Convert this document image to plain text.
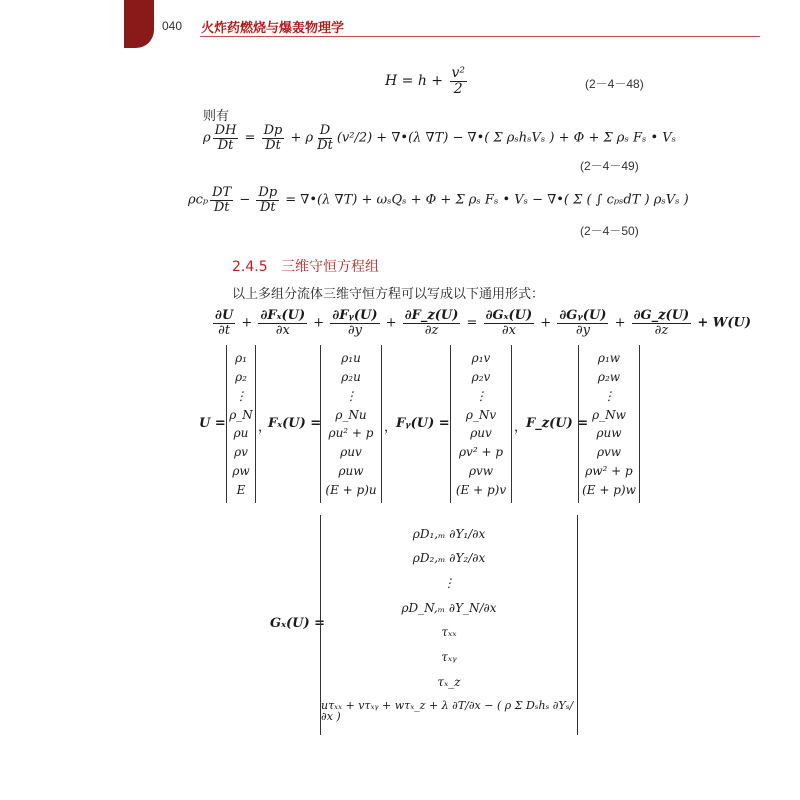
040 火炸药燃烧与爆轰物理学
$H = h + \frac{\text{v²}}{2}$	(2－4－48)
则有
ρ $\frac{DH}{Dt} = \frac{Dp}{Dt} + \rho \frac{D}{Dt} (v^2/2)$ + ∇•(λ ∇T) − ∇•( Σ ρₛhₛVₛ ) + Φ + Σ ρₛ Fₛ • Vₛ
(2－4－49)
ρcₚ $\frac{DT}{Dt} - \frac{Dp}{Dt}$ = ∇•(λ ∇T) + ωₛQₛ + Φ + Σ ρₛ Fₛ • Vₛ − ∇•( Σ ( ∫ cₚₛdT ) ρₛVₛ )
(2－4－50)
2.4.5 三维守恒方程组
以上多组分流体三维守恒方程可以写成以下通用形式：
$\frac{\partial U}{\partial t} + \frac{\text{∂Fₓ(U)}}{\partial x} + \frac{\text{∂Fᵧ(U)}}{\partial y} + \frac{\partial F\_z(U)}{\partial z} = \frac{\text{∂Gₓ(U)}}{\partial x} + \frac{\text{∂Gᵧ(U)}}{\partial y} + \frac{\partial G\_z(U)}{\partial z} + W(U)$
U =
ρ₁
ρ₂
⋮
ρ_N
ρu
ρv
ρw
E
，
Fₓ(U) =
ρ₁u
ρ₂u
⋮
ρ_Nu
ρu² + p
ρuv
ρuw
(E + p)u
，
Fᵧ(U) =
ρ₁v
ρ₂v
⋮
ρ_Nv
ρuv
ρv² + p
ρvw
(E + p)v
，
F_z(U) =
ρ₁w
ρ₂w
⋮
ρ_Nw
ρuw
ρvw
ρw² + p
(E + p)w
Gₓ(U) =
ρD₁,ₘ ∂Y₁/∂x
ρD₂,ₘ ∂Y₂/∂x
⋮
ρD_N,ₘ ∂Y_N/∂x
τₓₓ
τₓᵧ
τₓ_z
uτₓₓ + vτₓᵧ + wτₓ_z + λ ∂T/∂x − ( ρ Σ Dₛhₛ ∂Yₛ/∂x )
